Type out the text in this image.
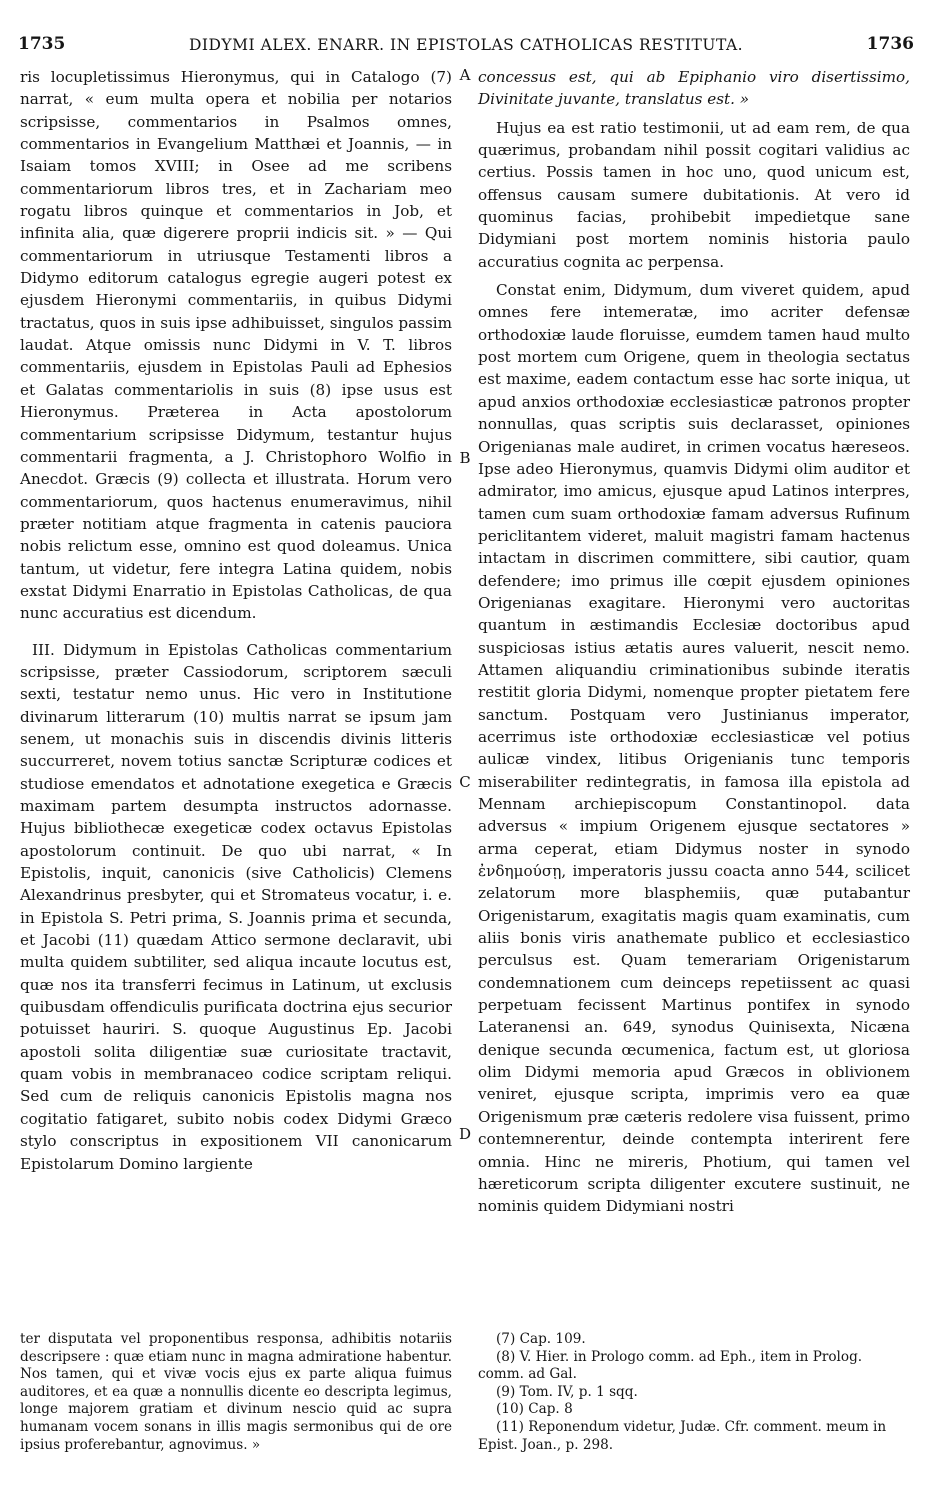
1735	DIDYMI ALEX. ENARR. IN EPISTOLAS CATHOLICAS RESTITUTA.	1736

ris locupletissimus Hieronymus, qui in Catalogo (7) narrat, « eum multa opera et nobilia per notarios scripsisse, commentarios in Psalmos omnes, commentarios in Evangelium Matthæi et Joannis, — in Isaiam tomos XVIII; in Osee ad me scribens commentariorum libros tres, et in Zachariam meo rogatu libros quinque et commentarios in Job, et infinita alia, quæ digerere proprii indicis sit. » — Qui commentariorum in utriusque Testamenti libros a Didymo editorum catalogus egregie augeri potest ex ejusdem Hieronymi commentariis, in quibus Didymi tractatus, quos in suis ipse adhibuisset, singulos passim laudat. Atque omissis nunc Didymi in V. T. libros commentariis, ejusdem in Epistolas Pauli ad Ephesios et Galatas commentariolis in suis (8) ipse usus est Hieronymus. Præterea in Acta apostolorum commentarium scripsisse Didymum, testantur hujus commentarii fragmenta, a J. Christophoro Wolfio in Anecdot. Græcis (9) collecta et illustrata. Horum vero commentariorum, quos hactenus enumeravimus, nihil præter notitiam atque fragmenta in catenis pauciora nobis relictum esse, omnino est quod doleamus. Unica tantum, ut videtur, fere integra Latina quidem, nobis exstat Didymi Enarratio in Epistolas Catholicas, de qua nunc accuratius est dicendum.

III. Didymum in Epistolas Catholicas commentarium scripsisse, præter Cassiodorum, scriptorem sæculi sexti, testatur nemo unus. Hic vero in Institutione divinarum litterarum (10) multis narrat se ipsum jam senem, ut monachis suis in discendis divinis litteris succurreret, novem totius sanctæ Scripturæ codices et studiose emendatos et adnotatione exegetica e Græcis maximam partem desumpta instructos adornasse. Hujus bibliothecæ exegeticæ codex octavus Epistolas apostolorum continuit. De quo ubi narrat, « In Epistolis, inquit, canonicis (sive Catholicis) Clemens Alexandrinus presbyter, qui et Stromateus vocatur, i. e. in Epistola S. Petri prima, S. Joannis prima et secunda, et Jacobi (11) quædam Attico sermone declaravit, ubi multa quidem subtiliter, sed aliqua incaute locutus est, quæ nos ita transferri fecimus in Latinum, ut exclusis quibusdam offendiculis purificata doctrina ejus securior potuisset hauriri. S. quoque Augustinus Ep. Jacobi apostoli solita diligentiæ suæ curiositate tractavit, quam vobis in membranaceo codice scriptam reliqui. Sed cum de reliquis canonicis Epistolis magna nos cogitatio fatigaret, subito nobis codex Didymi Græco stylo conscriptus in expositionem VII canonicarum Epistolarum Domino largiente

A
B
C
D

concessus est, qui ab Epiphanio viro disertissimo, Divinitate juvante, translatus est. »

Hujus ea est ratio testimonii, ut ad eam rem, de qua quærimus, probandam nihil possit cogitari validius ac certius. Possis tamen in hoc uno, quod unicum est, offensus causam sumere dubitationis. At vero id quominus facias, prohibebit impedietque sane Didymiani post mortem nominis historia paulo accuratius cognita ac perpensa.

Constat enim, Didymum, dum viveret quidem, apud omnes fere intemeratæ, imo acriter defensæ orthodoxiæ laude floruisse, eumdem tamen haud multo post mortem cum Origene, quem in theologia sectatus est maxime, eadem contactum esse hac sorte iniqua, ut apud anxios orthodoxiæ ecclesiasticæ patronos propter nonnullas, quas scriptis suis declarasset, opiniones Origenianas male audiret, in crimen vocatus hæreseos. Ipse adeo Hieronymus, quamvis Didymi olim auditor et admirator, imo amicus, ejusque apud Latinos interpres, tamen cum suam orthodoxiæ famam adversus Rufinum periclitantem videret, maluit magistri famam hactenus intactam in discrimen committere, sibi cautior, quam defendere; imo primus ille cœpit ejusdem opiniones Origenianas exagitare. Hieronymi vero auctoritas quantum in æstimandis Ecclesiæ doctoribus apud suspiciosas istius ætatis aures valuerit, nescit nemo. Attamen aliquandiu criminationibus subinde iteratis restitit gloria Didymi, nomenque propter pietatem fere sanctum. Postquam vero Justinianus imperator, acerrimus iste orthodoxiæ ecclesiasticæ vel potius aulicæ vindex, litibus Origenianis tunc temporis miserabiliter redintegratis, in famosa illa epistola ad Mennam archiepiscopum Constantinopol. data adversus « impium Origenem ejusque sectatores » arma ceperat, etiam Didymus noster in synodo ἐνδημούσῃ, imperatoris jussu coacta anno 544, scilicet zelatorum more blasphemiis, quæ putabantur Origenistarum, exagitatis magis quam examinatis, cum aliis bonis viris anathemate publico et ecclesiastico perculsus est. Quam temerariam Origenistarum condemnationem cum deinceps repetiissent ac quasi perpetuam fecissent Martinus pontifex in synodo Lateranensi an. 649, synodus Quinisexta, Nicæna denique secunda œcumenica, factum est, ut gloriosa olim Didymi memoria apud Græcos in oblivionem veniret, ejusque scripta, imprimis vero ea quæ Origenismum præ cæteris redolere visa fuissent, primo contemnerentur, deinde contempta interirent fere omnia. Hinc ne mireris, Photium, qui tamen vel hæreticorum scripta diligenter excutere sustinuit, ne nominis quidem Didymiani nostri

ter disputata vel proponentibus responsa, adhibitis notariis descripsere : quæ etiam nunc in magna admiratione habentur. Nos tamen, qui et vivæ vocis ejus ex parte aliqua fuimus auditores, et ea quæ a nonnullis dicente eo descripta legimus, longe majorem gratiam et divinum nescio quid ac supra humanam vocem sonans in illis magis sermonibus qui de ore ipsius proferebantur, agnovimus. »

(7) Cap. 109.

(8) V. Hier. in Prologo comm. ad Eph., item in Prolog. comm. ad Gal.

(9) Tom. IV, p. 1 sqq.

(10) Cap. 8

(11) Reponendum videtur, Judæ. Cfr. comment. meum in Epist. Joan., p. 298.
